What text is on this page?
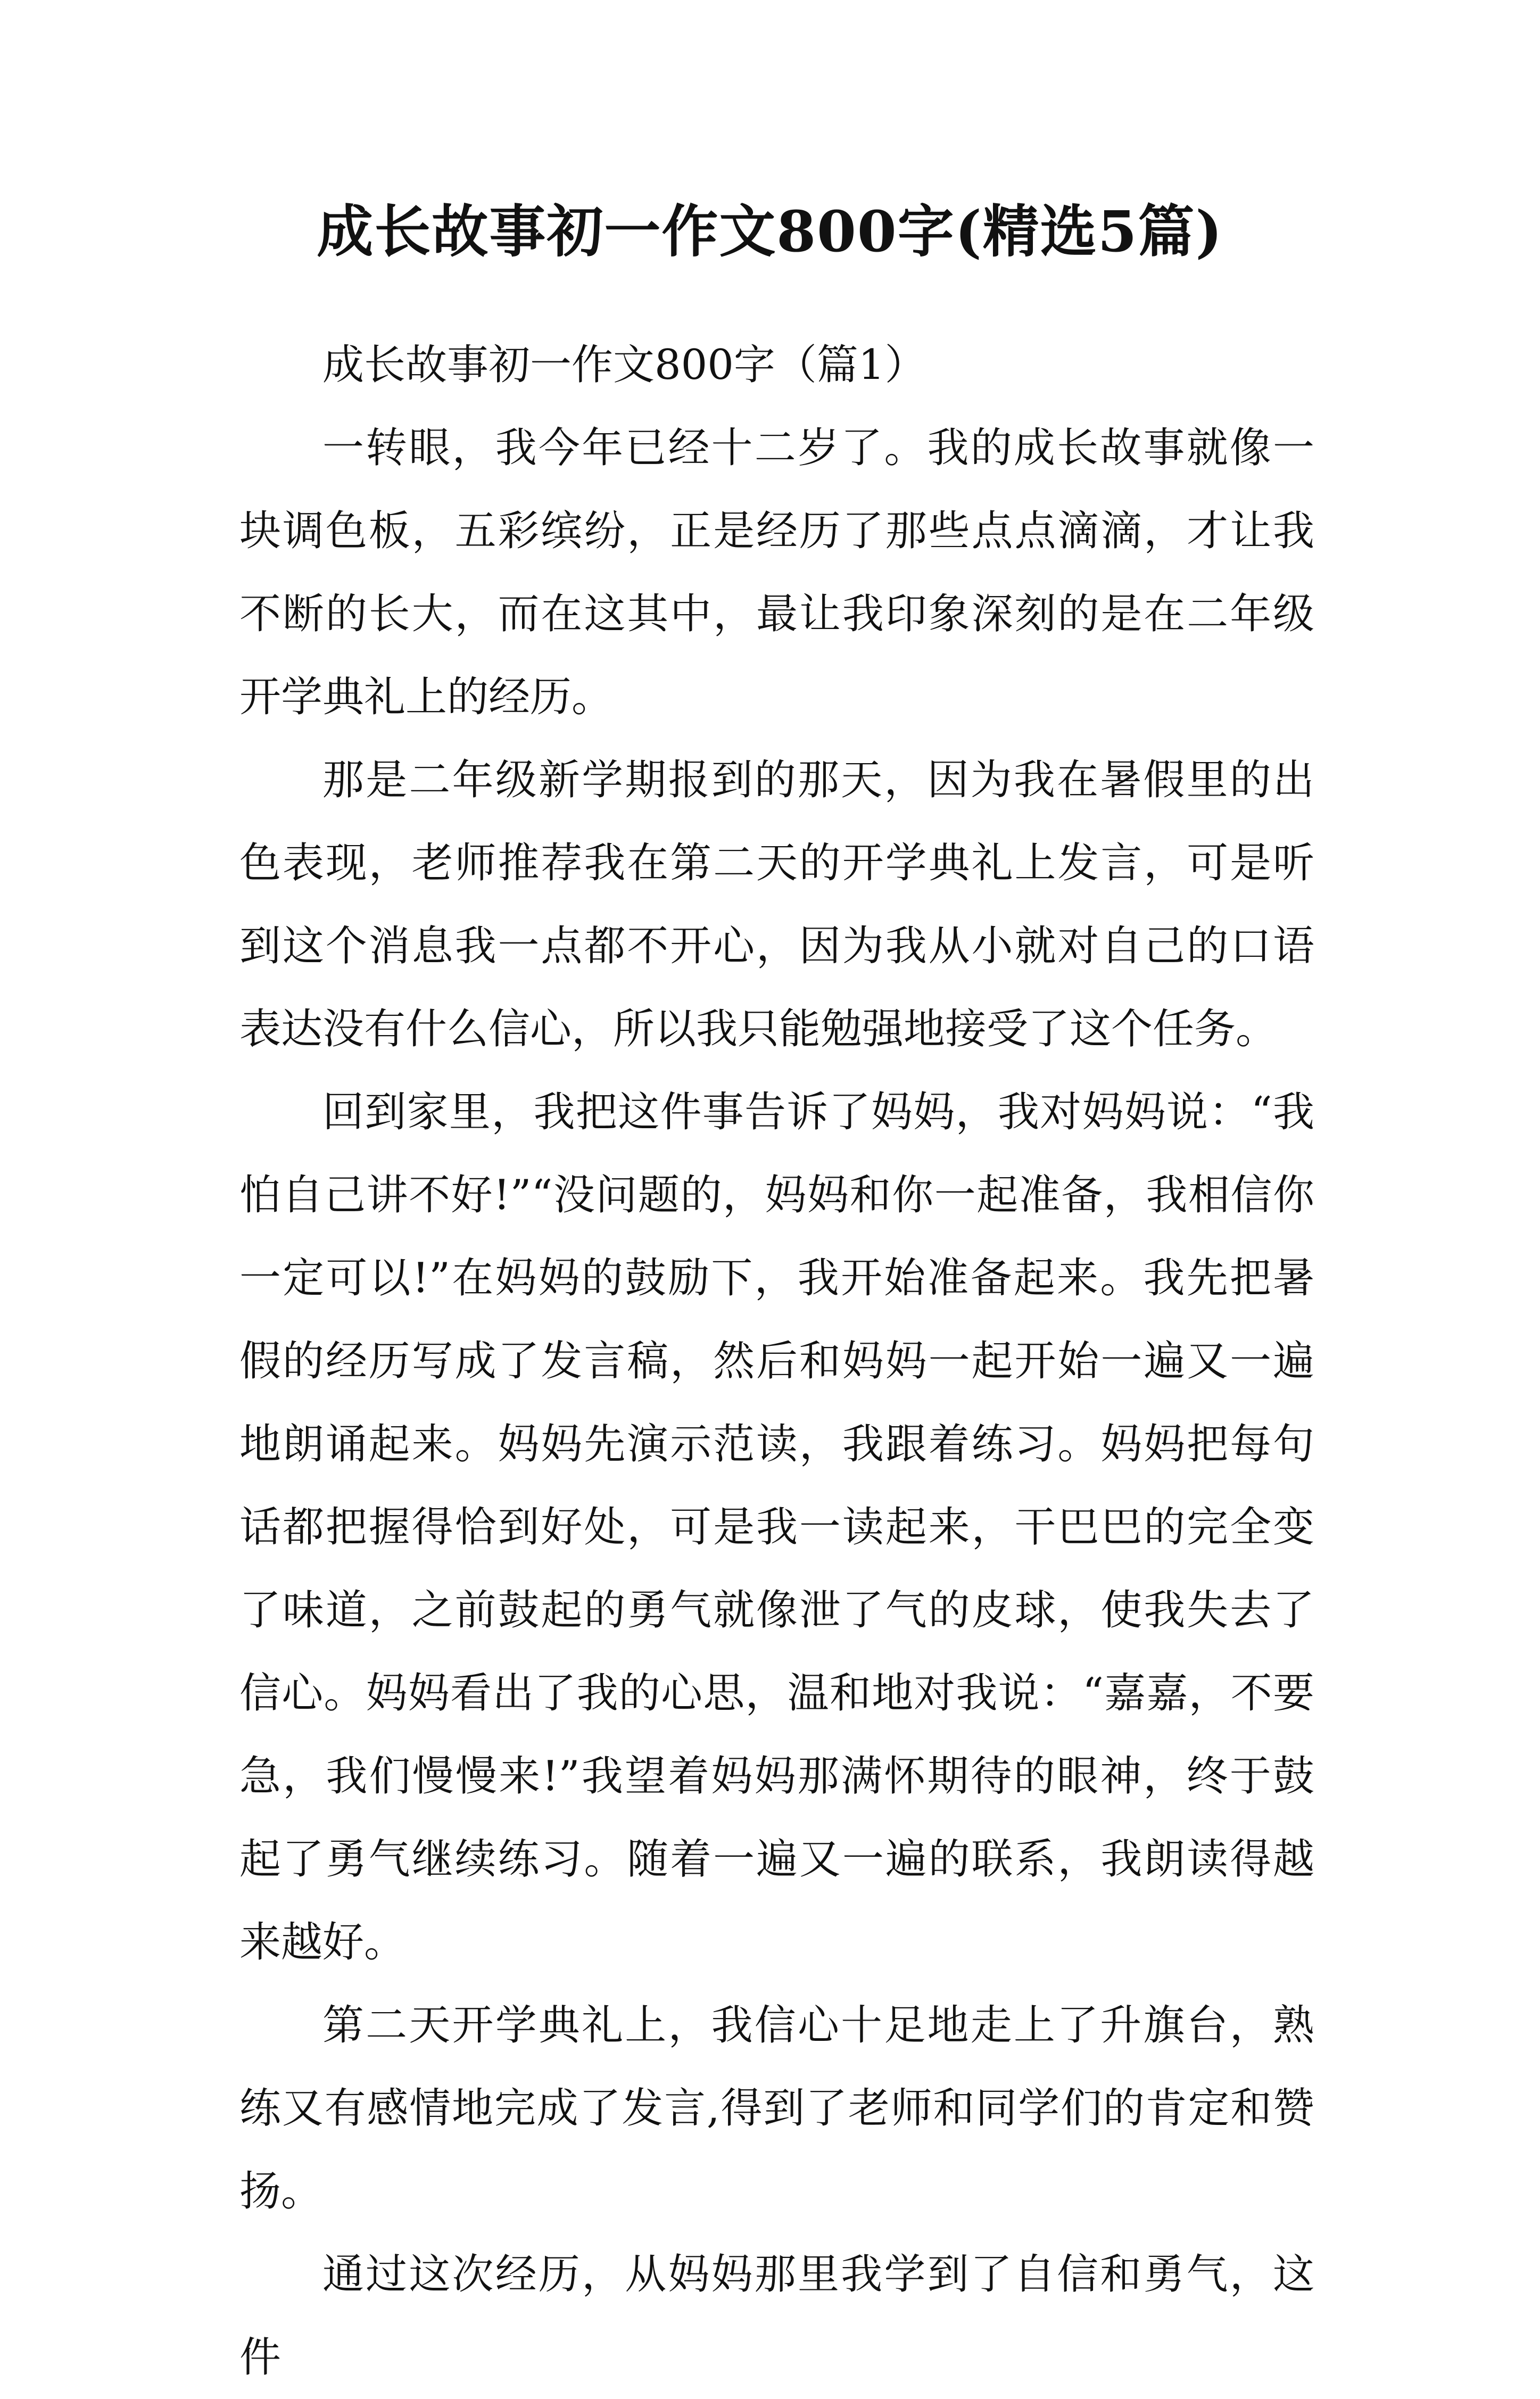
成长故事初一作文800字(精选5篇)

成长故事初一作文800字（篇1）

一转眼，我今年已经十二岁了。我的成长故事就像一块调色板，五彩缤纷，正是经历了那些点点滴滴，才让我不断的长大，而在这其中，最让我印象深刻的是在二年级开学典礼上的经历。

那是二年级新学期报到的那天，因为我在暑假里的出色表现，老师推荐我在第二天的开学典礼上发言，可是听到这个消息我一点都不开心，因为我从小就对自己的口语表达没有什么信心，所以我只能勉强地接受了这个任务。

回到家里，我把这件事告诉了妈妈，我对妈妈说：“我怕自己讲不好!”“没问题的，妈妈和你一起准备，我相信你一定可以!”在妈妈的鼓励下，我开始准备起来。我先把暑假的经历写成了发言稿，然后和妈妈一起开始一遍又一遍地朗诵起来。妈妈先演示范读，我跟着练习。妈妈把每句话都把握得恰到好处，可是我一读起来，干巴巴的完全变了味道，之前鼓起的勇气就像泄了气的皮球，使我失去了信心。妈妈看出了我的心思，温和地对我说：“嘉嘉，不要急，我们慢慢来!”我望着妈妈那满怀期待的眼神，终于鼓起了勇气继续练习。随着一遍又一遍的联系，我朗读得越来越好。

第二天开学典礼上，我信心十足地走上了升旗台，熟练又有感情地完成了发言,得到了老师和同学们的肯定和赞扬。

通过这次经历，从妈妈那里我学到了自信和勇气，这件
